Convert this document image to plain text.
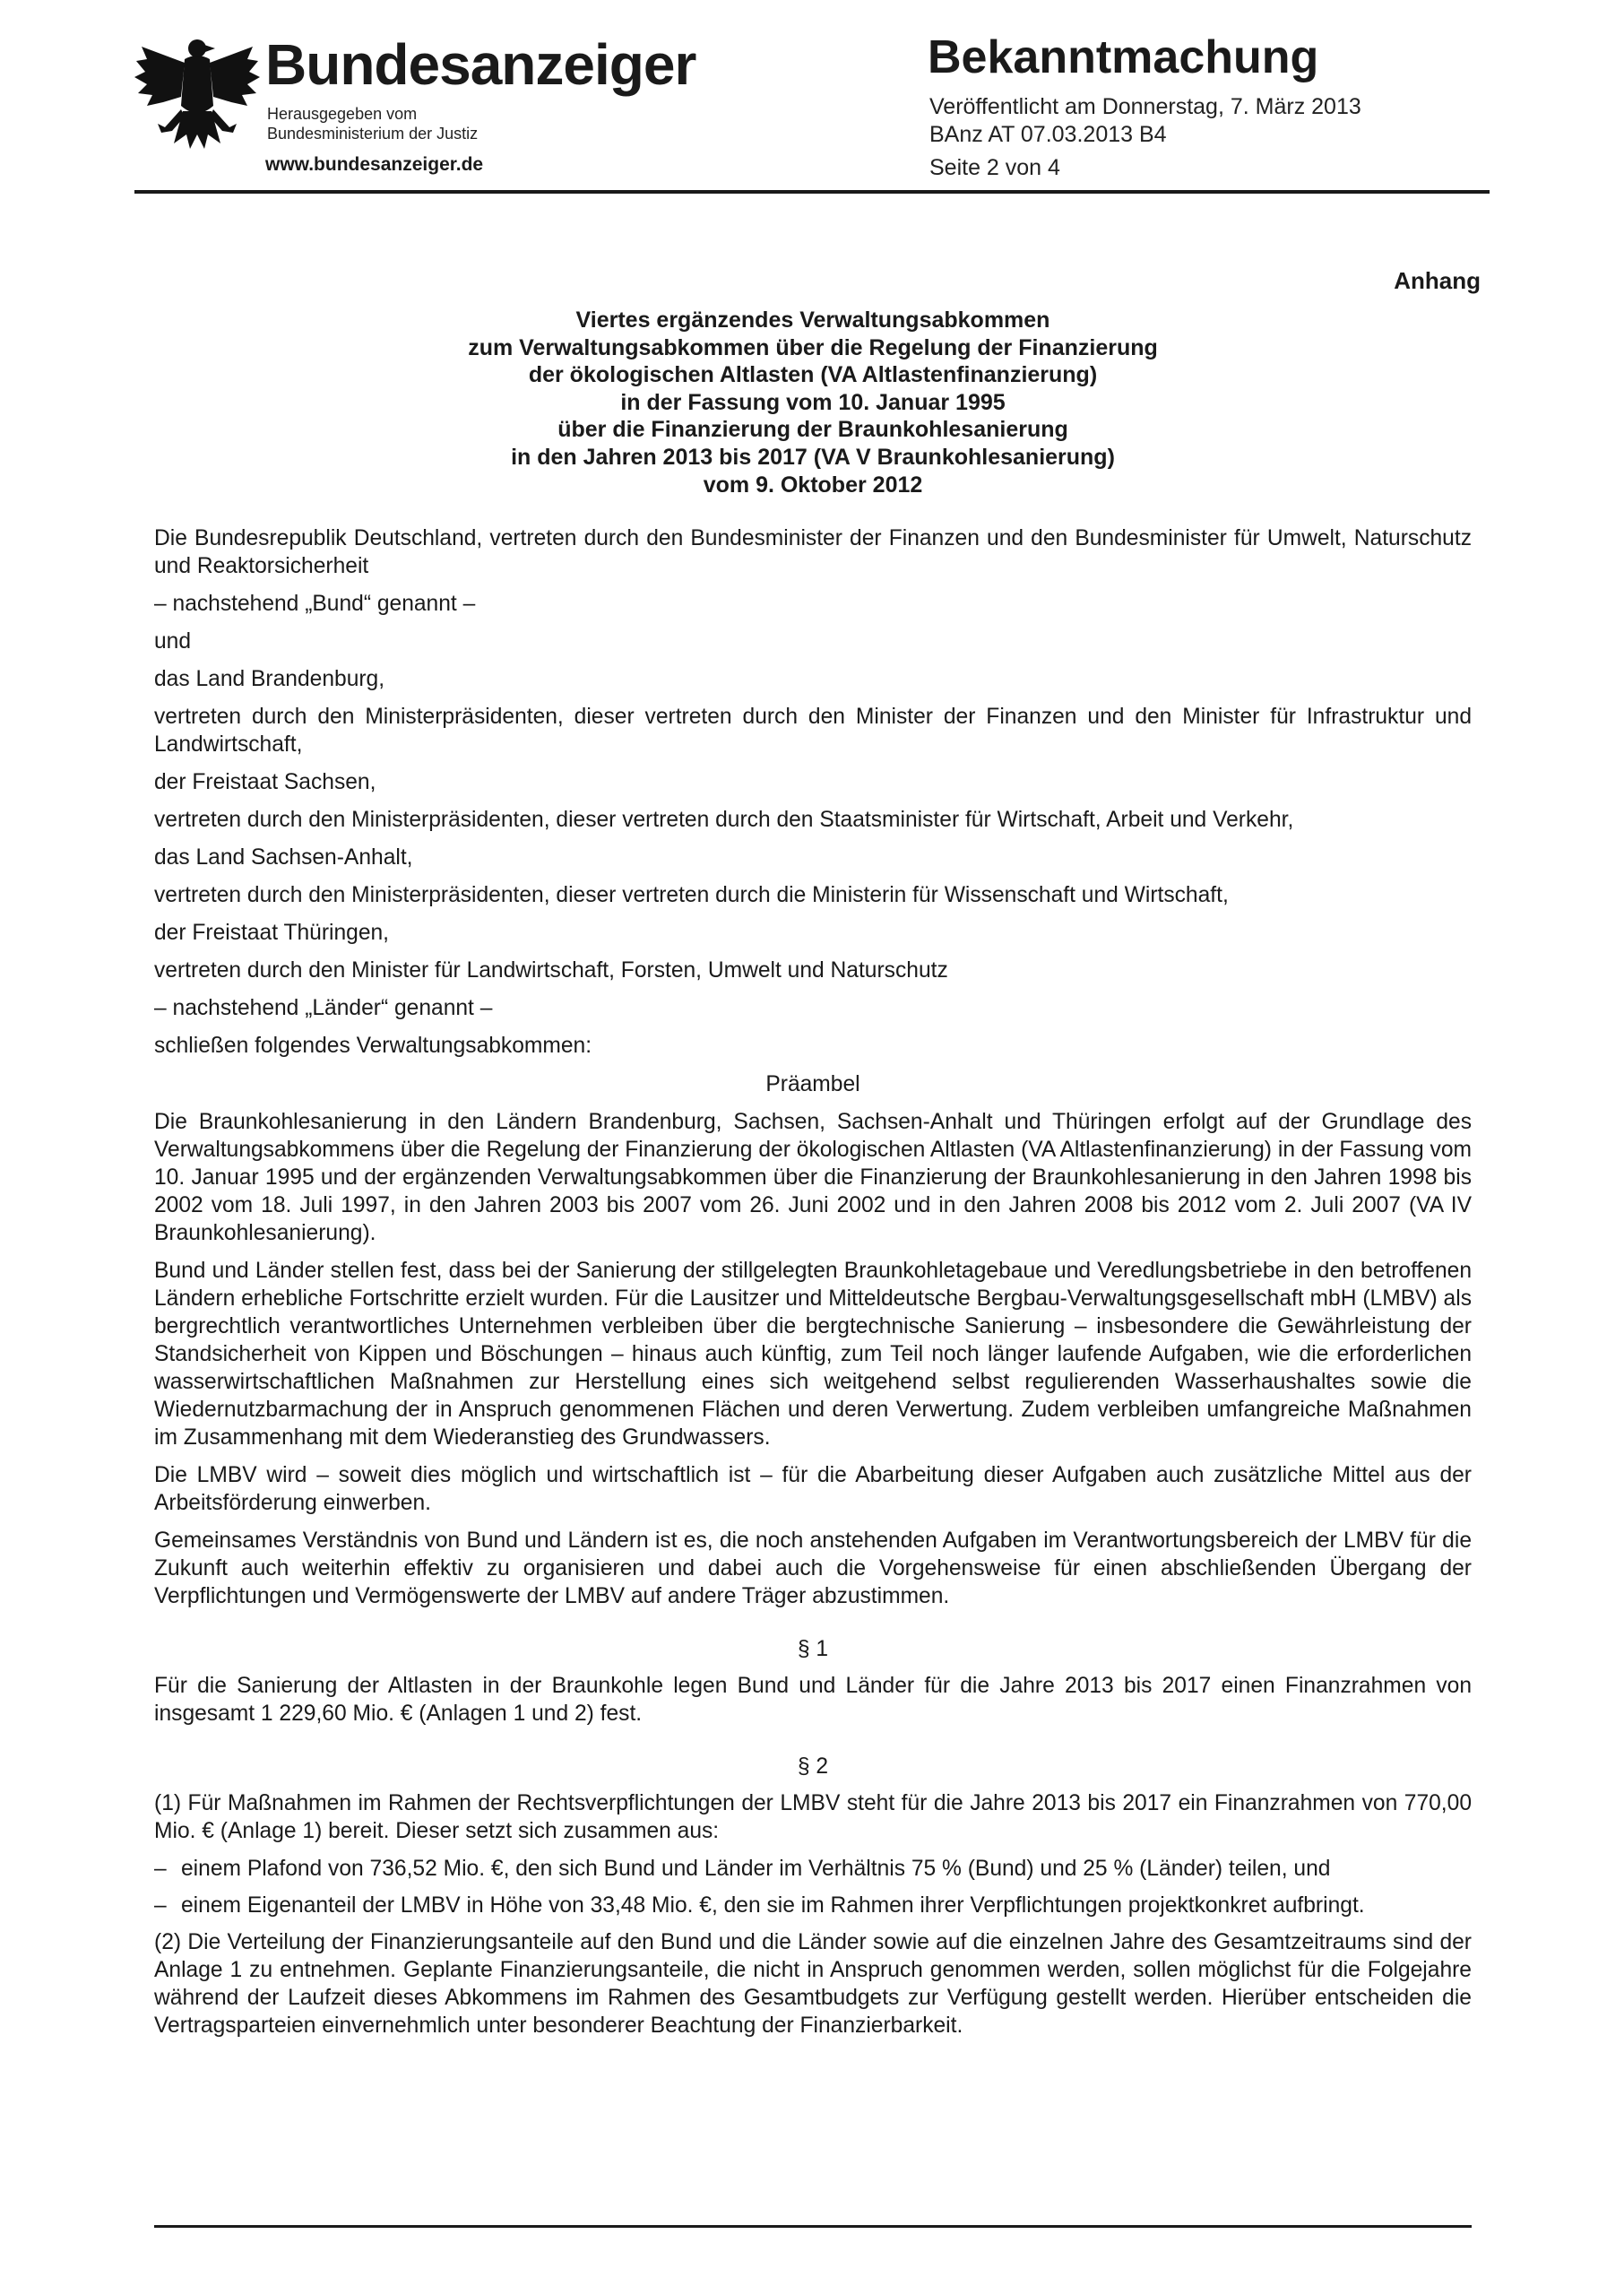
Bundesanzeiger
Herausgegeben vom
Bundesministerium der Justiz
www.bundesanzeiger.de
Bekanntmachung
Veröffentlicht am Donnerstag, 7. März 2013
BAnz AT 07.03.2013 B4
Seite 2 von 4
Anhang
Viertes ergänzendes Verwaltungsabkommen
zum Verwaltungsabkommen über die Regelung der Finanzierung
der ökologischen Altlasten (VA Altlastenfinanzierung)
in der Fassung vom 10. Januar 1995
über die Finanzierung der Braunkohlesanierung
in den Jahren 2013 bis 2017 (VA V Braunkohlesanierung)
vom 9. Oktober 2012

Die Bundesrepublik Deutschland, vertreten durch den Bundesminister der Finanzen und den Bundesminister für Umwelt, Naturschutz und Reaktorsicherheit

– nachstehend „Bund“ genannt –

und

das Land Brandenburg,

vertreten durch den Ministerpräsidenten, dieser vertreten durch den Minister der Finanzen und den Minister für Infrastruktur und Landwirtschaft,

der Freistaat Sachsen,

vertreten durch den Ministerpräsidenten, dieser vertreten durch den Staatsminister für Wirtschaft, Arbeit und Verkehr,

das Land Sachsen-Anhalt,

vertreten durch den Ministerpräsidenten, dieser vertreten durch die Ministerin für Wissenschaft und Wirtschaft,

der Freistaat Thüringen,

vertreten durch den Minister für Landwirtschaft, Forsten, Umwelt und Naturschutz

– nachstehend „Länder“ genannt –

schließen folgendes Verwaltungsabkommen:

Präambel

Die Braunkohlesanierung in den Ländern Brandenburg, Sachsen, Sachsen-Anhalt und Thüringen erfolgt auf der Grundlage des Verwaltungsabkommens über die Regelung der Finanzierung der ökologischen Altlasten (VA Altlastenfinanzierung) in der Fassung vom 10. Januar 1995 und der ergänzenden Verwaltungsabkommen über die Finanzierung der Braunkohlesanierung in den Jahren 1998 bis 2002 vom 18. Juli 1997, in den Jahren 2003 bis 2007 vom 26. Juni 2002 und in den Jahren 2008 bis 2012 vom 2. Juli 2007 (VA IV Braunkohlesanierung).

Bund und Länder stellen fest, dass bei der Sanierung der stillgelegten Braunkohletagebaue und Veredlungsbetriebe in den betroffenen Ländern erhebliche Fortschritte erzielt wurden. Für die Lausitzer und Mitteldeutsche Bergbau-Verwaltungsgesellschaft mbH (LMBV) als bergrechtlich verantwortliches Unternehmen verbleiben über die bergtechnische Sanierung – insbesondere die Gewährleistung der Standsicherheit von Kippen und Böschungen – hinaus auch künftig, zum Teil noch länger laufende Aufgaben, wie die erforderlichen wasserwirtschaftlichen Maßnahmen zur Herstellung eines sich weitgehend selbst regulierenden Wasserhaushaltes sowie die Wiedernutzbarmachung der in Anspruch genommenen Flächen und deren Verwertung. Zudem verbleiben umfangreiche Maßnahmen im Zusammenhang mit dem Wiederanstieg des Grundwassers.

Die LMBV wird – soweit dies möglich und wirtschaftlich ist – für die Abarbeitung dieser Aufgaben auch zusätzliche Mittel aus der Arbeitsförderung einwerben.

Gemeinsames Verständnis von Bund und Ländern ist es, die noch anstehenden Aufgaben im Verantwortungsbereich der LMBV für die Zukunft auch weiterhin effektiv zu organisieren und dabei auch die Vorgehensweise für einen abschließenden Übergang der Verpflichtungen und Vermögenswerte der LMBV auf andere Träger abzustimmen.

§ 1

Für die Sanierung der Altlasten in der Braunkohle legen Bund und Länder für die Jahre 2013 bis 2017 einen Finanzrahmen von insgesamt 1 229,60 Mio. € (Anlagen 1 und 2) fest.

§ 2

(1) Für Maßnahmen im Rahmen der Rechtsverpflichtungen der LMBV steht für die Jahre 2013 bis 2017 ein Finanzrahmen von 770,00 Mio. € (Anlage 1) bereit. Dieser setzt sich zusammen aus:

– einem Plafond von 736,52 Mio. €, den sich Bund und Länder im Verhältnis 75 % (Bund) und 25 % (Länder) teilen, und
– einem Eigenanteil der LMBV in Höhe von 33,48 Mio. €, den sie im Rahmen ihrer Verpflichtungen projektkonkret aufbringt.

(2) Die Verteilung der Finanzierungsanteile auf den Bund und die Länder sowie auf die einzelnen Jahre des Gesamtzeitraums sind der Anlage 1 zu entnehmen. Geplante Finanzierungsanteile, die nicht in Anspruch genommen werden, sollen möglichst für die Folgejahre während der Laufzeit dieses Abkommens im Rahmen des Gesamtbudgets zur Verfügung gestellt werden. Hierüber entscheiden die Vertragsparteien einvernehmlich unter besonderer Beachtung der Finanzierbarkeit.
